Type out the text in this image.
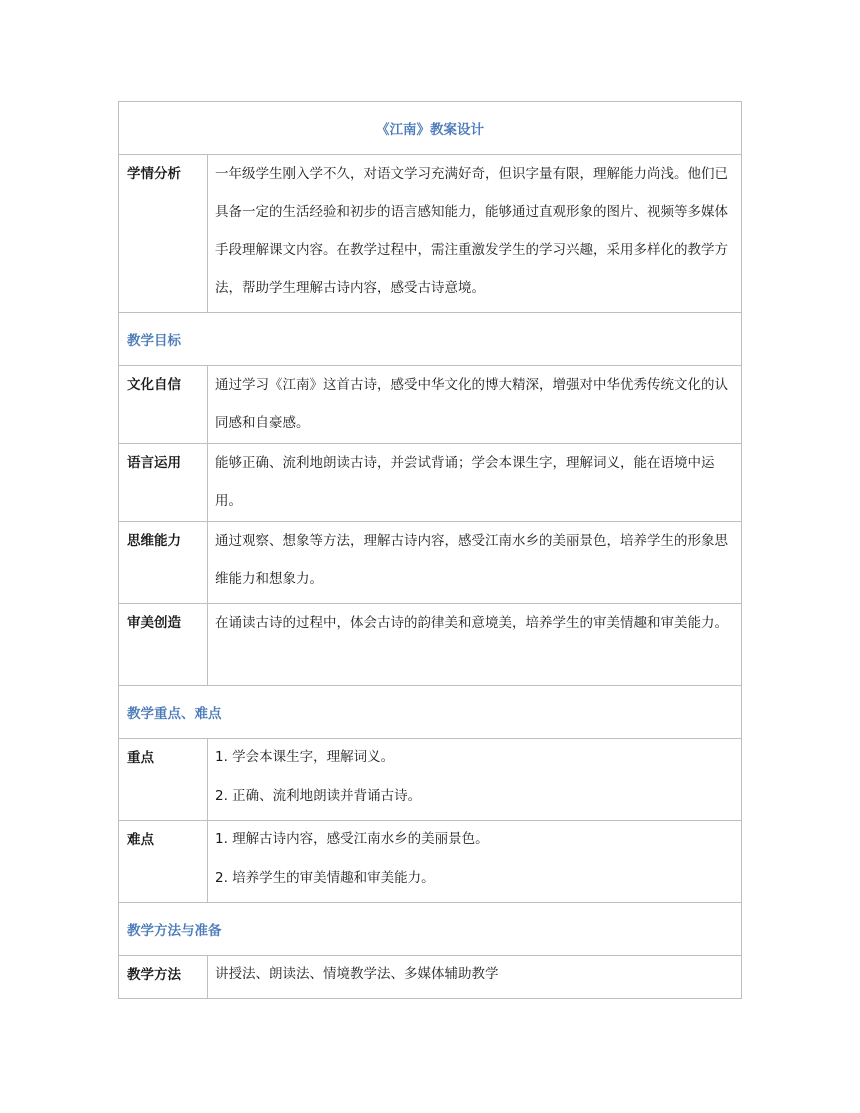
《江南》教案设计	
学情分析	一年级学生刚入学不久，对语文学习充满好奇，但识字量有限，理解能力尚浅。他们已具备一定的生活经验和初步的语言感知能力，能够通过直观形象的图片、视频等多媒体手段理解课文内容。在教学过程中，需注重激发学生的学习兴趣，采用多样化的教学方法，帮助学生理解古诗内容，感受古诗意境。

教学目标	
文化自信	通过学习《江南》这首古诗，感受中华文化的博大精深，增强对中华优秀传统文化的认同感和自豪感。

语言运用	能够正确、流利地朗读古诗，并尝试背诵；学会本课生字，理解词义，能在语境中运用。

思维能力	通过观察、想象等方法，理解古诗内容，感受江南水乡的美丽景色，培养学生的形象思维能力和想象力。

审美创造	在诵读古诗的过程中，体会古诗的韵律美和意境美，培养学生的审美情趣和审美能力。

教学重点、难点	
重点	1. 学会本课生字，理解词义。

2. 正确、流利地朗读并背诵古诗。

难点	1. 理解古诗内容，感受江南水乡的美丽景色。

2. 培养学生的审美情趣和审美能力。

教学方法与准备	
教学方法	讲授法、朗读法、情境教学法、多媒体辅助教学
